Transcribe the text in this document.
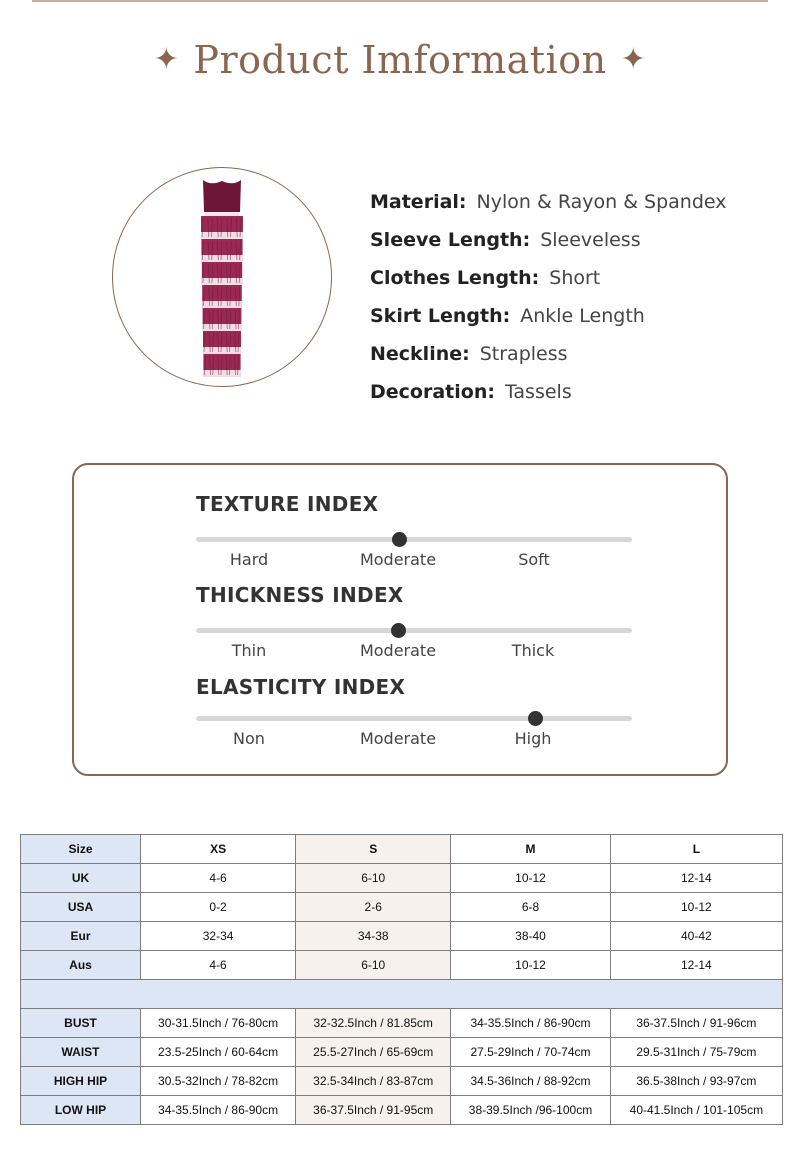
✦ Product Imformation ✦
Material: Nylon & Rayon & Spandex
Sleeve Length: Sleeveless
Clothes Length: Short
Skirt Length: Ankle Length
Neckline: Strapless
Decoration: Tassels
TEXTURE INDEX
Hard	Moderate	Soft
THICKNESS INDEX
Thin	Moderate	Thick
ELASTICITY INDEX
Non	Moderate	High
Size	XS	S	M	L
UK	4-6	6-10	10-12	12-14
USA	0-2	2-6	6-8	10-12
Eur	32-34	34-38	38-40	40-42
Aus	4-6	6-10	10-12	12-14

BUST	30-31.5Inch / 76-80cm	32-32.5Inch / 81.85cm	34-35.5Inch / 86-90cm	36-37.5Inch / 91-96cm
WAIST	23.5-25Inch / 60-64cm	25.5-27Inch / 65-69cm	27.5-29Inch / 70-74cm	29.5-31Inch / 75-79cm
HIGH HIP	30.5-32Inch / 78-82cm	32.5-34Inch / 83-87cm	34.5-36Inch / 88-92cm	36.5-38Inch / 93-97cm
LOW HIP	34-35.5Inch / 86-90cm	36-37.5Inch / 91-95cm	38-39.5Inch /96-100cm	40-41.5Inch / 101-105cm
